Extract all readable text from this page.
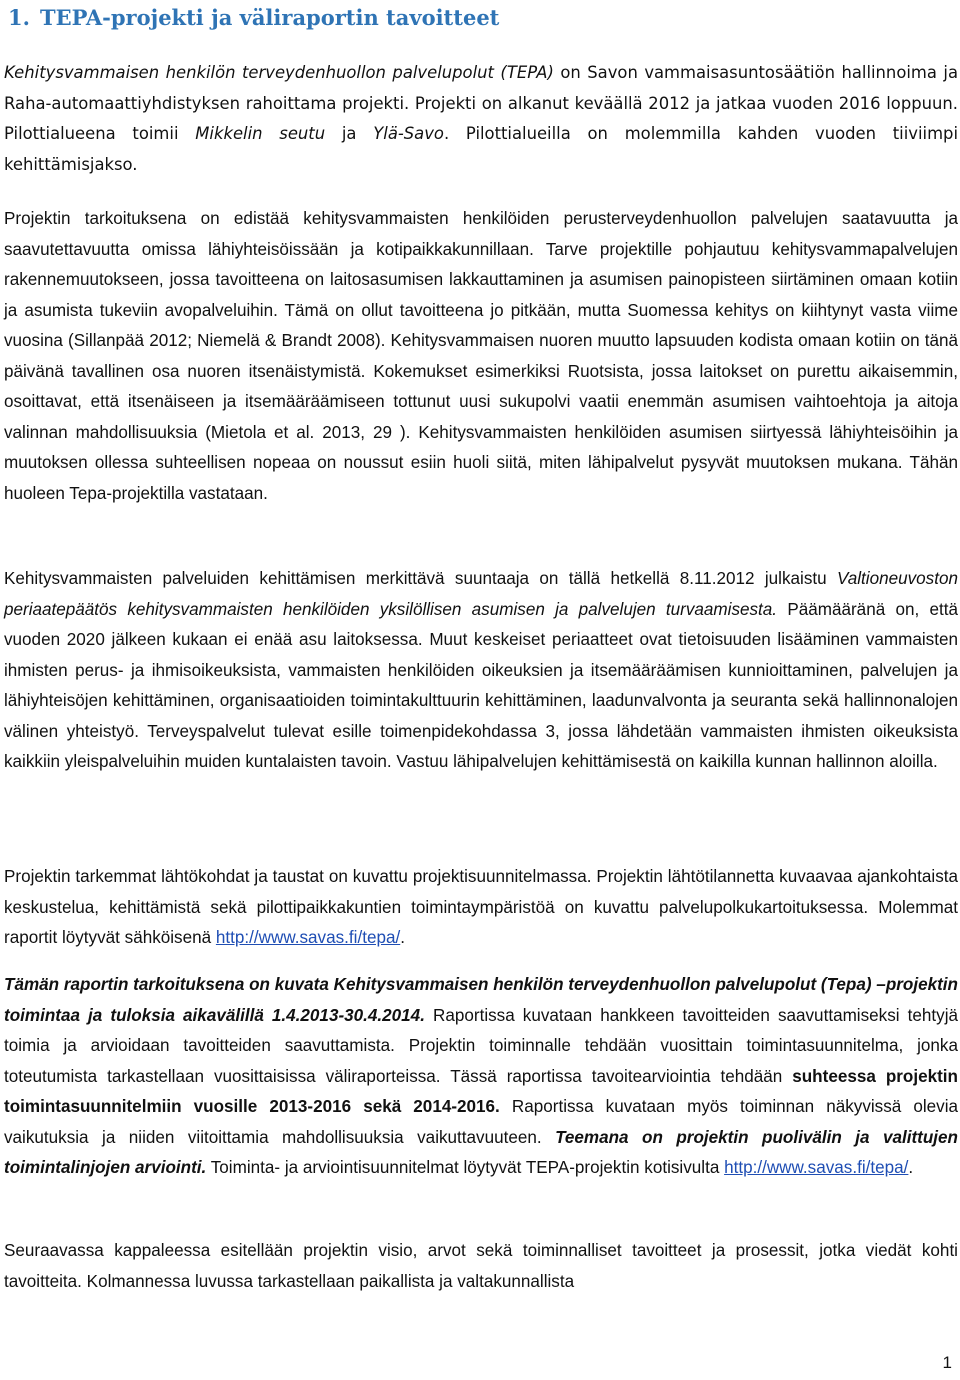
1. TEPA-projekti ja väliraportin tavoitteet

Kehitysvammaisen henkilön terveydenhuollon palvelupolut (TEPA) on Savon vammaisasuntosäätiön hallinnoima ja Raha-automaattiyhdistyksen rahoittama projekti. Projekti on alkanut keväällä 2012 ja jatkaa vuoden 2016 loppuun. Pilottialueena toimii Mikkelin seutu ja Ylä-Savo. Pilottialueilla on molemmilla kahden vuoden tiiviimpi kehittämisjakso.

Projektin tarkoituksena on edistää kehitysvammaisten henkilöiden perusterveydenhuollon palvelujen saatavuutta ja saavutettavuutta omissa lähiyhteisöissään ja kotipaikkakunnillaan. Tarve projektille pohjautuu kehitysvammapalvelujen rakennemuutokseen, jossa tavoitteena on laitosasumisen lakkauttaminen ja asumisen painopisteen siirtäminen omaan kotiin ja asumista tukeviin avopalveluihin. Tämä on ollut tavoitteena jo pitkään, mutta Suomessa kehitys on kiihtynyt vasta viime vuosina (Sillanpää 2012; Niemelä & Brandt 2008). Kehitysvammaisen nuoren muutto lapsuuden kodista omaan kotiin on tänä päivänä tavallinen osa nuoren itsenäistymistä. Kokemukset esimerkiksi Ruotsista, jossa laitokset on purettu aikaisemmin, osoittavat, että itsenäiseen ja itsemääräämiseen tottunut uusi sukupolvi vaatii enemmän asumisen vaihtoehtoja ja aitoja valinnan mahdollisuuksia (Mietola et al. 2013, 29 ). Kehitysvammaisten henkilöiden asumisen siirtyessä lähiyhteisöihin ja muutoksen ollessa suhteellisen nopeaa on noussut esiin huoli siitä, miten lähipalvelut pysyvät muutoksen mukana. Tähän huoleen Tepa-projektilla vastataan.

Kehitysvammaisten palveluiden kehittämisen merkittävä suuntaaja on tällä hetkellä 8.11.2012 julkaistu Valtioneuvoston periaatepäätös kehitysvammaisten henkilöiden yksilöllisen asumisen ja palvelujen turvaamisesta. Päämääränä on, että vuoden 2020 jälkeen kukaan ei enää asu laitoksessa. Muut keskeiset periaatteet ovat tietoisuuden lisääminen vammaisten ihmisten perus- ja ihmisoikeuksista, vammaisten henkilöiden oikeuksien ja itsemääräämisen kunnioittaminen, palvelujen ja lähiyhteisöjen kehittäminen, organisaatioiden toimintakulttuurin kehittäminen, laadunvalvonta ja seuranta sekä hallinnonalojen välinen yhteistyö. Terveyspalvelut tulevat esille toimenpidekohdassa 3, jossa lähdetään vammaisten ihmisten oikeuksista kaikkiin yleispalveluihin muiden kuntalaisten tavoin. Vastuu lähipalvelujen kehittämisestä on kaikilla kunnan hallinnon aloilla.

Projektin tarkemmat lähtökohdat ja taustat on kuvattu projektisuunnitelmassa. Projektin lähtötilannetta kuvaavaa ajankohtaista keskustelua, kehittämistä sekä pilottipaikkakuntien toimintaympäristöä on kuvattu palvelupolkukartoituksessa. Molemmat raportit löytyvät sähköisenä http://www.savas.fi/tepa/.

Tämän raportin tarkoituksena on kuvata Kehitysvammaisen henkilön terveydenhuollon palvelupolut (Tepa) –projektin toimintaa ja tuloksia aikavälillä 1.4.2013-30.4.2014. Raportissa kuvataan hankkeen tavoitteiden saavuttamiseksi tehtyjä toimia ja arvioidaan tavoitteiden saavuttamista. Projektin toiminnalle tehdään vuosittain toimintasuunnitelma, jonka toteutumista tarkastellaan vuosittaisissa väliraporteissa. Tässä raportissa tavoitearviointia tehdään suhteessa projektin toimintasuunnitelmiin vuosille 2013-2016 sekä 2014-2016. Raportissa kuvataan myös toiminnan näkyvissä olevia vaikutuksia ja niiden viitoittamia mahdollisuuksia vaikuttavuuteen. Teemana on projektin puolivälin ja valittujen toimintalinjojen arviointi. Toiminta- ja arviointisuunnitelmat löytyvät TEPA-projektin kotisivulta http://www.savas.fi/tepa/.

Seuraavassa kappaleessa esitellään projektin visio, arvot sekä toiminnalliset tavoitteet ja prosessit, jotka viedät kohti tavoitteita. Kolmannessa luvussa tarkastellaan paikallista ja valtakunnallista

1
